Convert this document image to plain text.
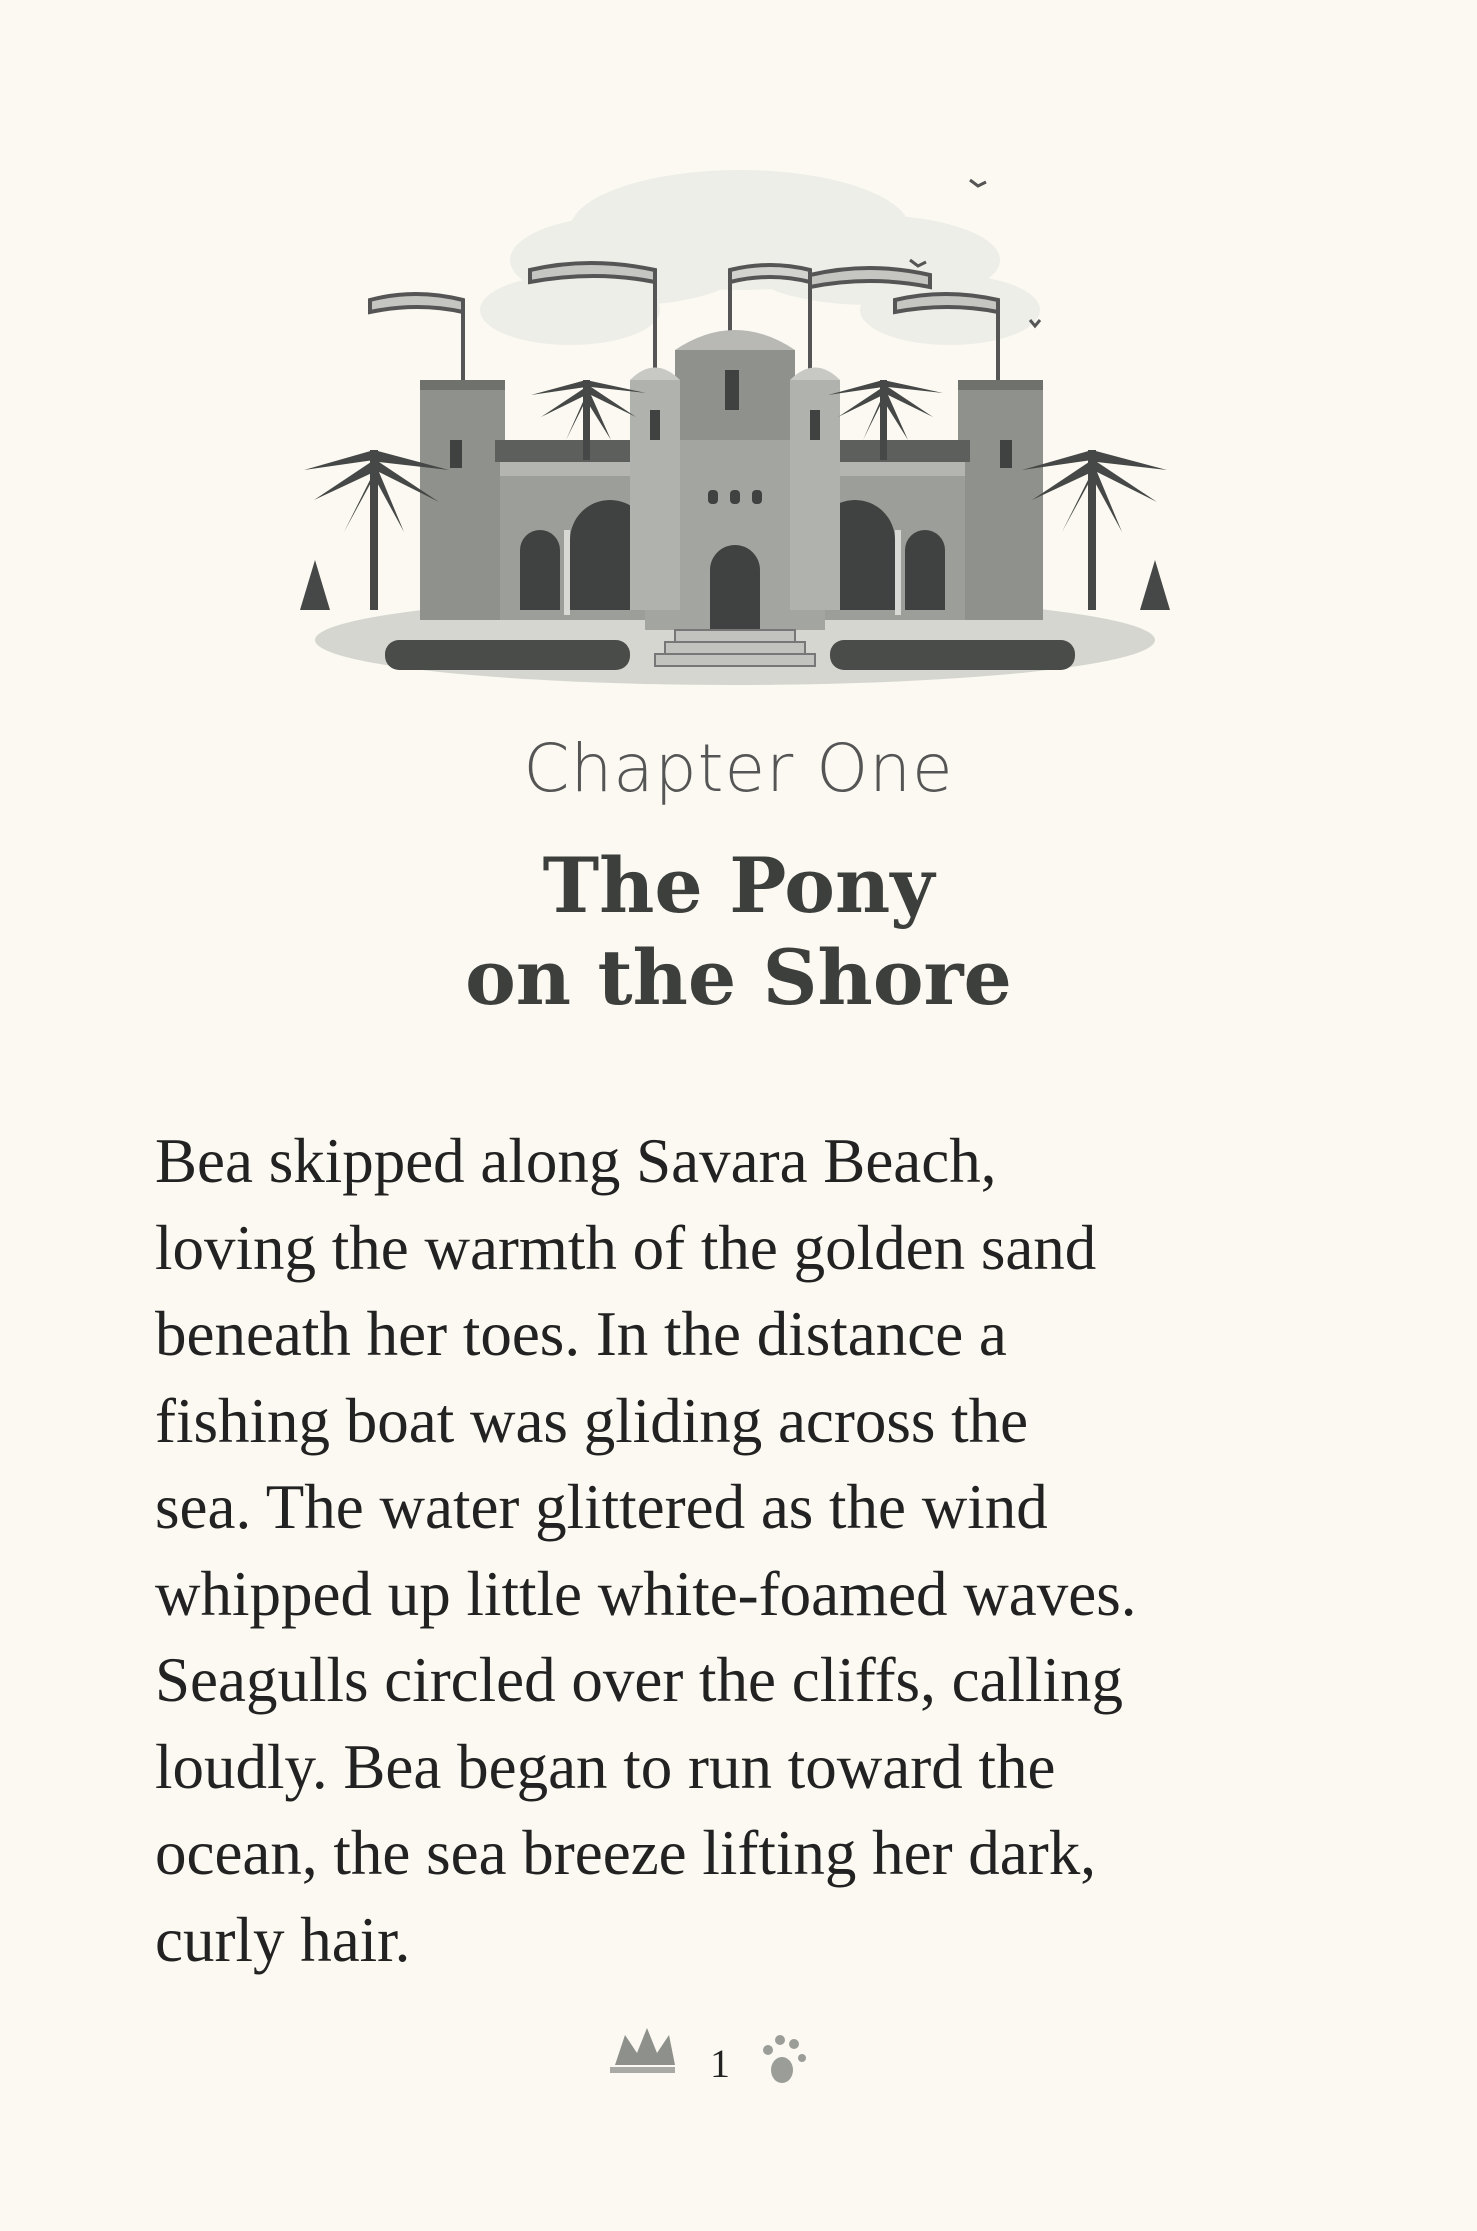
Chapter One
The Pony
on the Shore
Bea skipped along Savara Beach,
loving the warmth of the golden sand
beneath her toes. In the distance a
fishing boat was gliding across the
sea. The water glittered as the wind
whipped up little white-foamed waves.
Seagulls circled over the cliffs, calling
loudly. Bea began to run toward the
ocean, the sea breeze lifting her dark,
curly hair.
1
